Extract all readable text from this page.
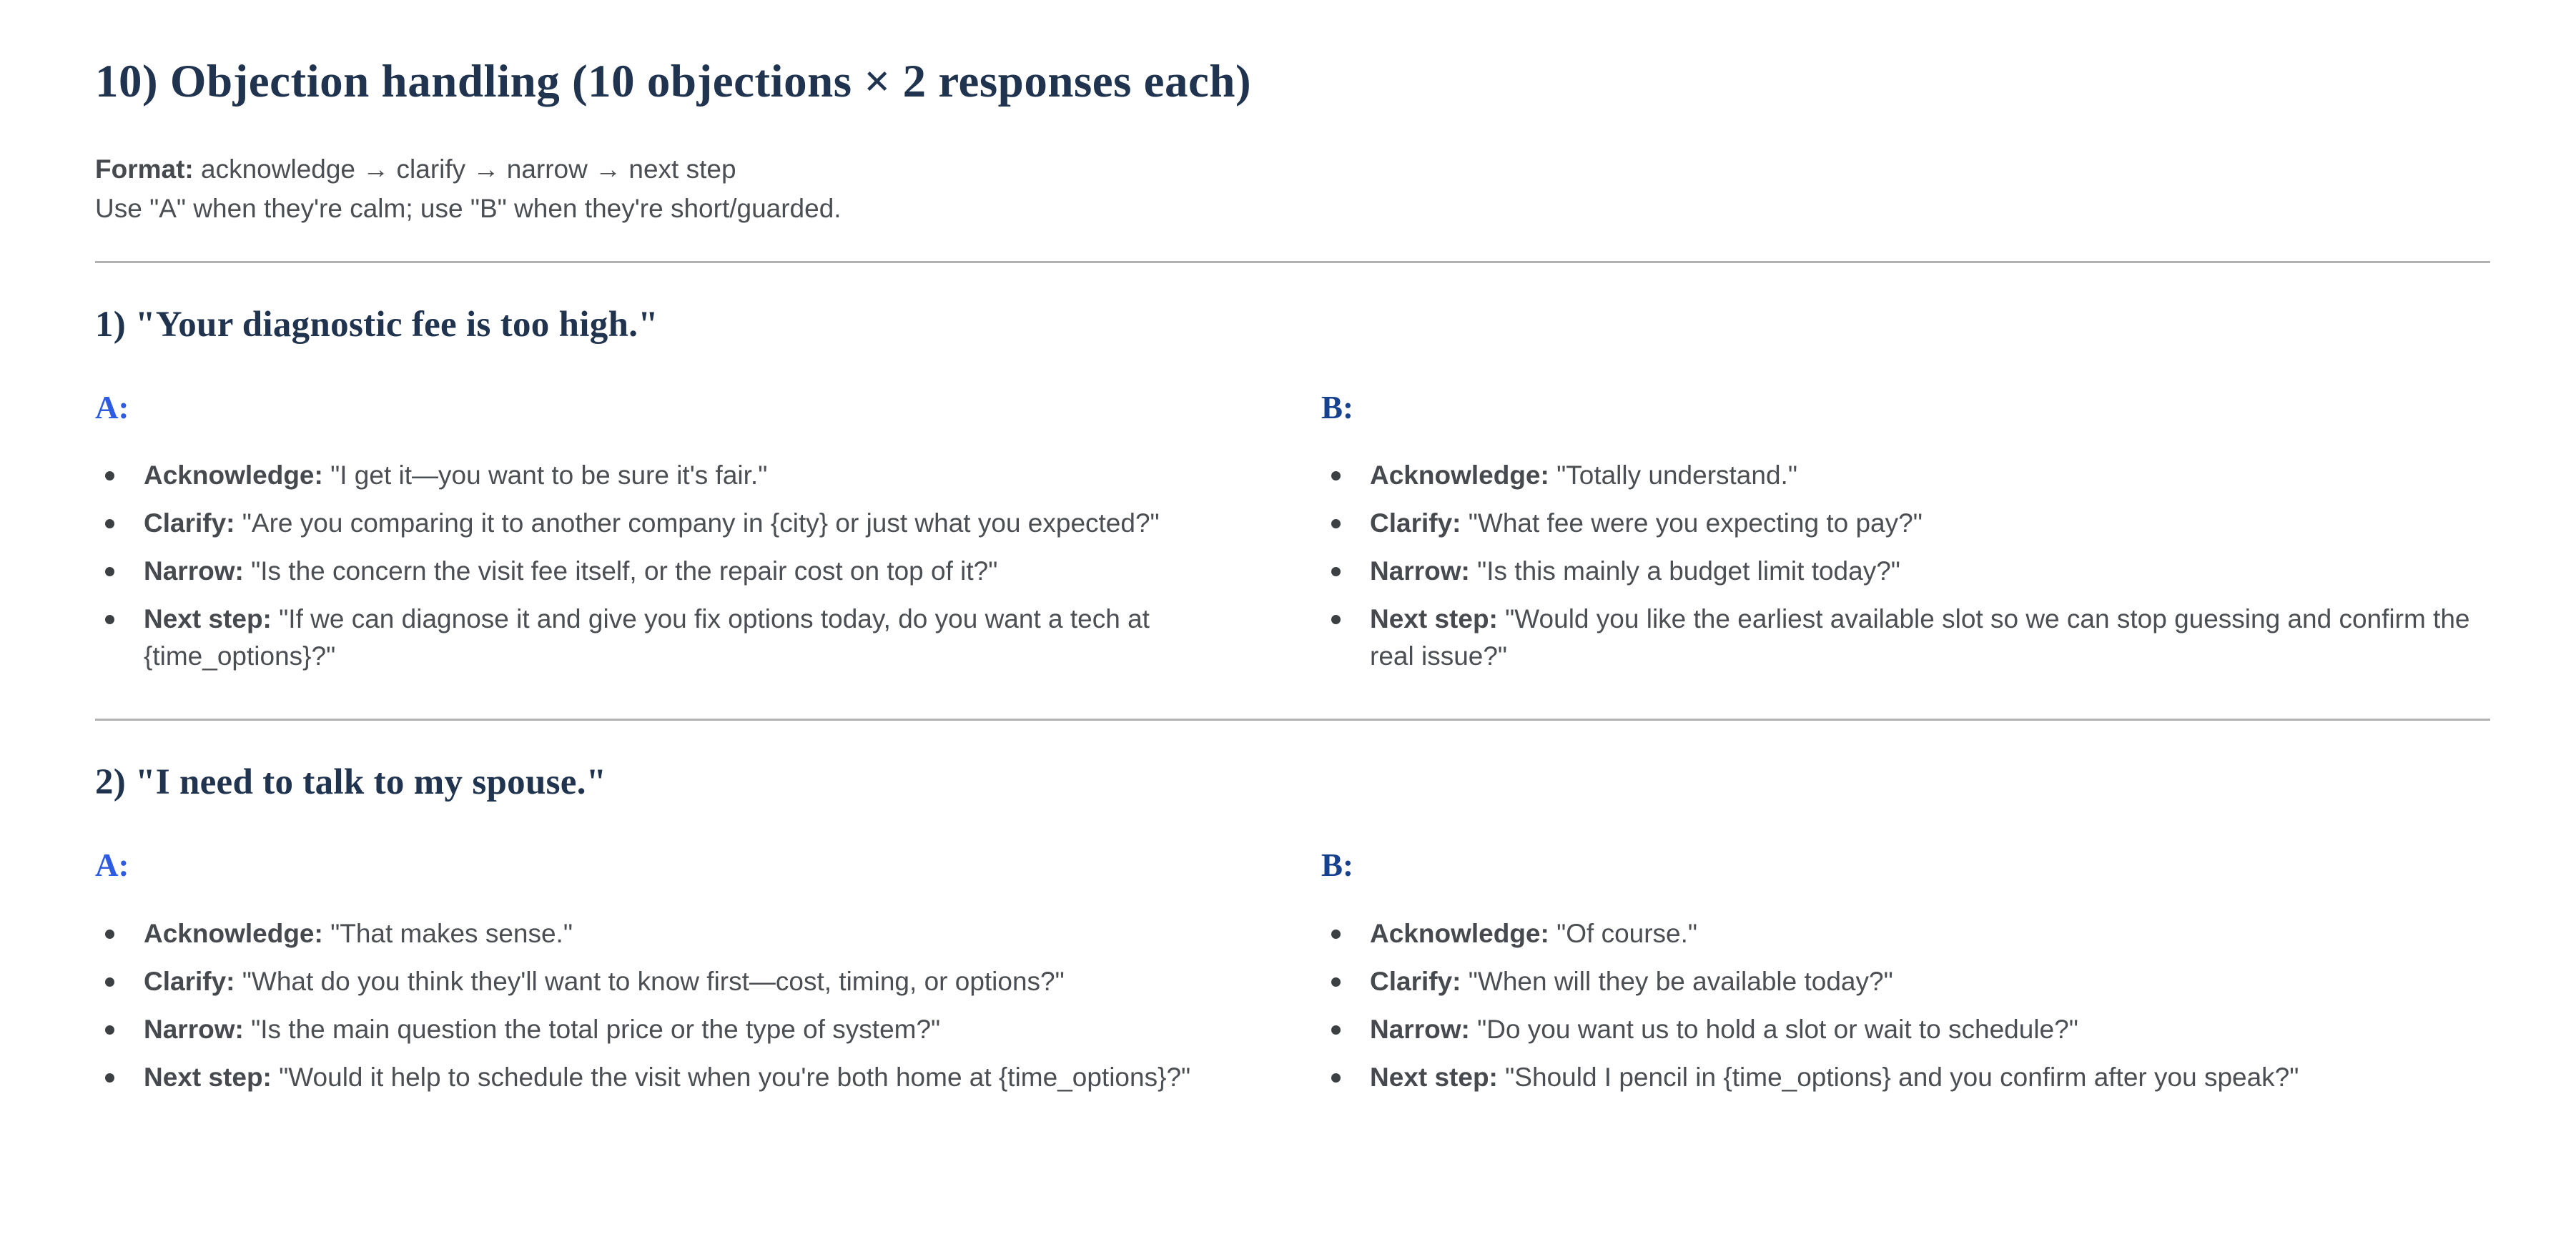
10) Objection handling (10 objections × 2 responses each)
Format: acknowledge → clarify → narrow → next step
Use "A" when they're calm; use "B" when they're short/guarded.
1) "Your diagnostic fee is too high."
A:
Acknowledge: "I get it—you want to be sure it's fair."
Clarify: "Are you comparing it to another company in {city} or just what you expected?"
Narrow: "Is the concern the visit fee itself, or the repair cost on top of it?"
Next step: "If we can diagnose it and give you fix options today, do you want a tech at {time_options}?"
B:
Acknowledge: "Totally understand."
Clarify: "What fee were you expecting to pay?"
Narrow: "Is this mainly a budget limit today?"
Next step: "Would you like the earliest available slot so we can stop guessing and confirm the real issue?"
2) "I need to talk to my spouse."
A:
Acknowledge: "That makes sense."
Clarify: "What do you think they'll want to know first—cost, timing, or options?"
Narrow: "Is the main question the total price or the type of system?"
Next step: "Would it help to schedule the visit when you're both home at {time_options}?"
B:
Acknowledge: "Of course."
Clarify: "When will they be available today?"
Narrow: "Do you want us to hold a slot or wait to schedule?"
Next step: "Should I pencil in {time_options} and you confirm after you speak?"
